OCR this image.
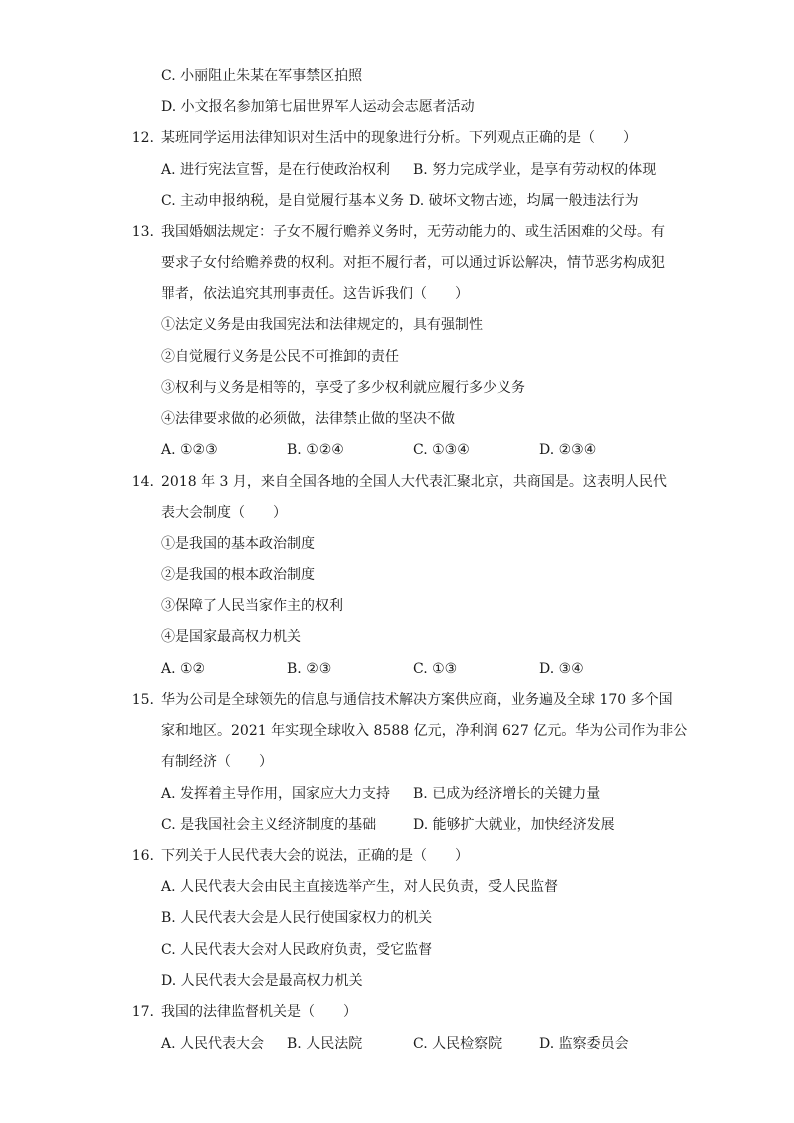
C. 小丽阻止朱某在军事禁区拍照
D. 小文报名参加第七届世界军人运动会志愿者活动
12. 某班同学运用法律知识对生活中的现象进行分析。下列观点正确的是（　　）
A. 进行宪法宣誓，是在行使政治权利 B. 努力完成学业，是享有劳动权的体现
C. 主动申报纳税，是自觉履行基本义务 D. 破坏文物古迹，均属一般违法行为
13. 我国婚姻法规定：子女不履行赡养义务时，无劳动能力的、或生活困难的父母。有
要求子女付给赡养费的权利。对拒不履行者，可以通过诉讼解决，情节恶劣构成犯
罪者，依法追究其刑事责任。这告诉我们（　　）
①法定义务是由我国宪法和法律规定的，具有强制性
②自觉履行义务是公民不可推卸的责任
③权利与义务是相等的，享受了多少权利就应履行多少义务
④法律要求做的必须做，法律禁止做的坚决不做
A. ①②③	B. ①②④	C. ①③④	D. ②③④
14. 2018 年 3 月，来自全国各地的全国人大代表汇聚北京，共商国是。这表明人民代
表大会制度（　　）
①是我国的基本政治制度
②是我国的根本政治制度
③保障了人民当家作主的权利
④是国家最高权力机关
A. ①②	B. ②③	C. ①③	D. ③④
15. 华为公司是全球领先的信息与通信技术解决方案供应商，业务遍及全球 170 多个国
家和地区。2021 年实现全球收入 8588 亿元，净利润 627 亿元。华为公司作为非公
有制经济（　　）
A. 发挥着主导作用，国家应大力支持 B. 已成为经济增长的关键力量
C. 是我国社会主义经济制度的基础	D. 能够扩大就业，加快经济发展
16. 下列关于人民代表大会的说法，正确的是（　　）
A. 人民代表大会由民主直接选举产生，对人民负责，受人民监督
B. 人民代表大会是人民行使国家权力的机关
C. 人民代表大会对人民政府负责，受它监督
D. 人民代表大会是最高权力机关
17. 我国的法律监督机关是（　　）
A. 人民代表大会 B. 人民法院	C. 人民检察院	D. 监察委员会
